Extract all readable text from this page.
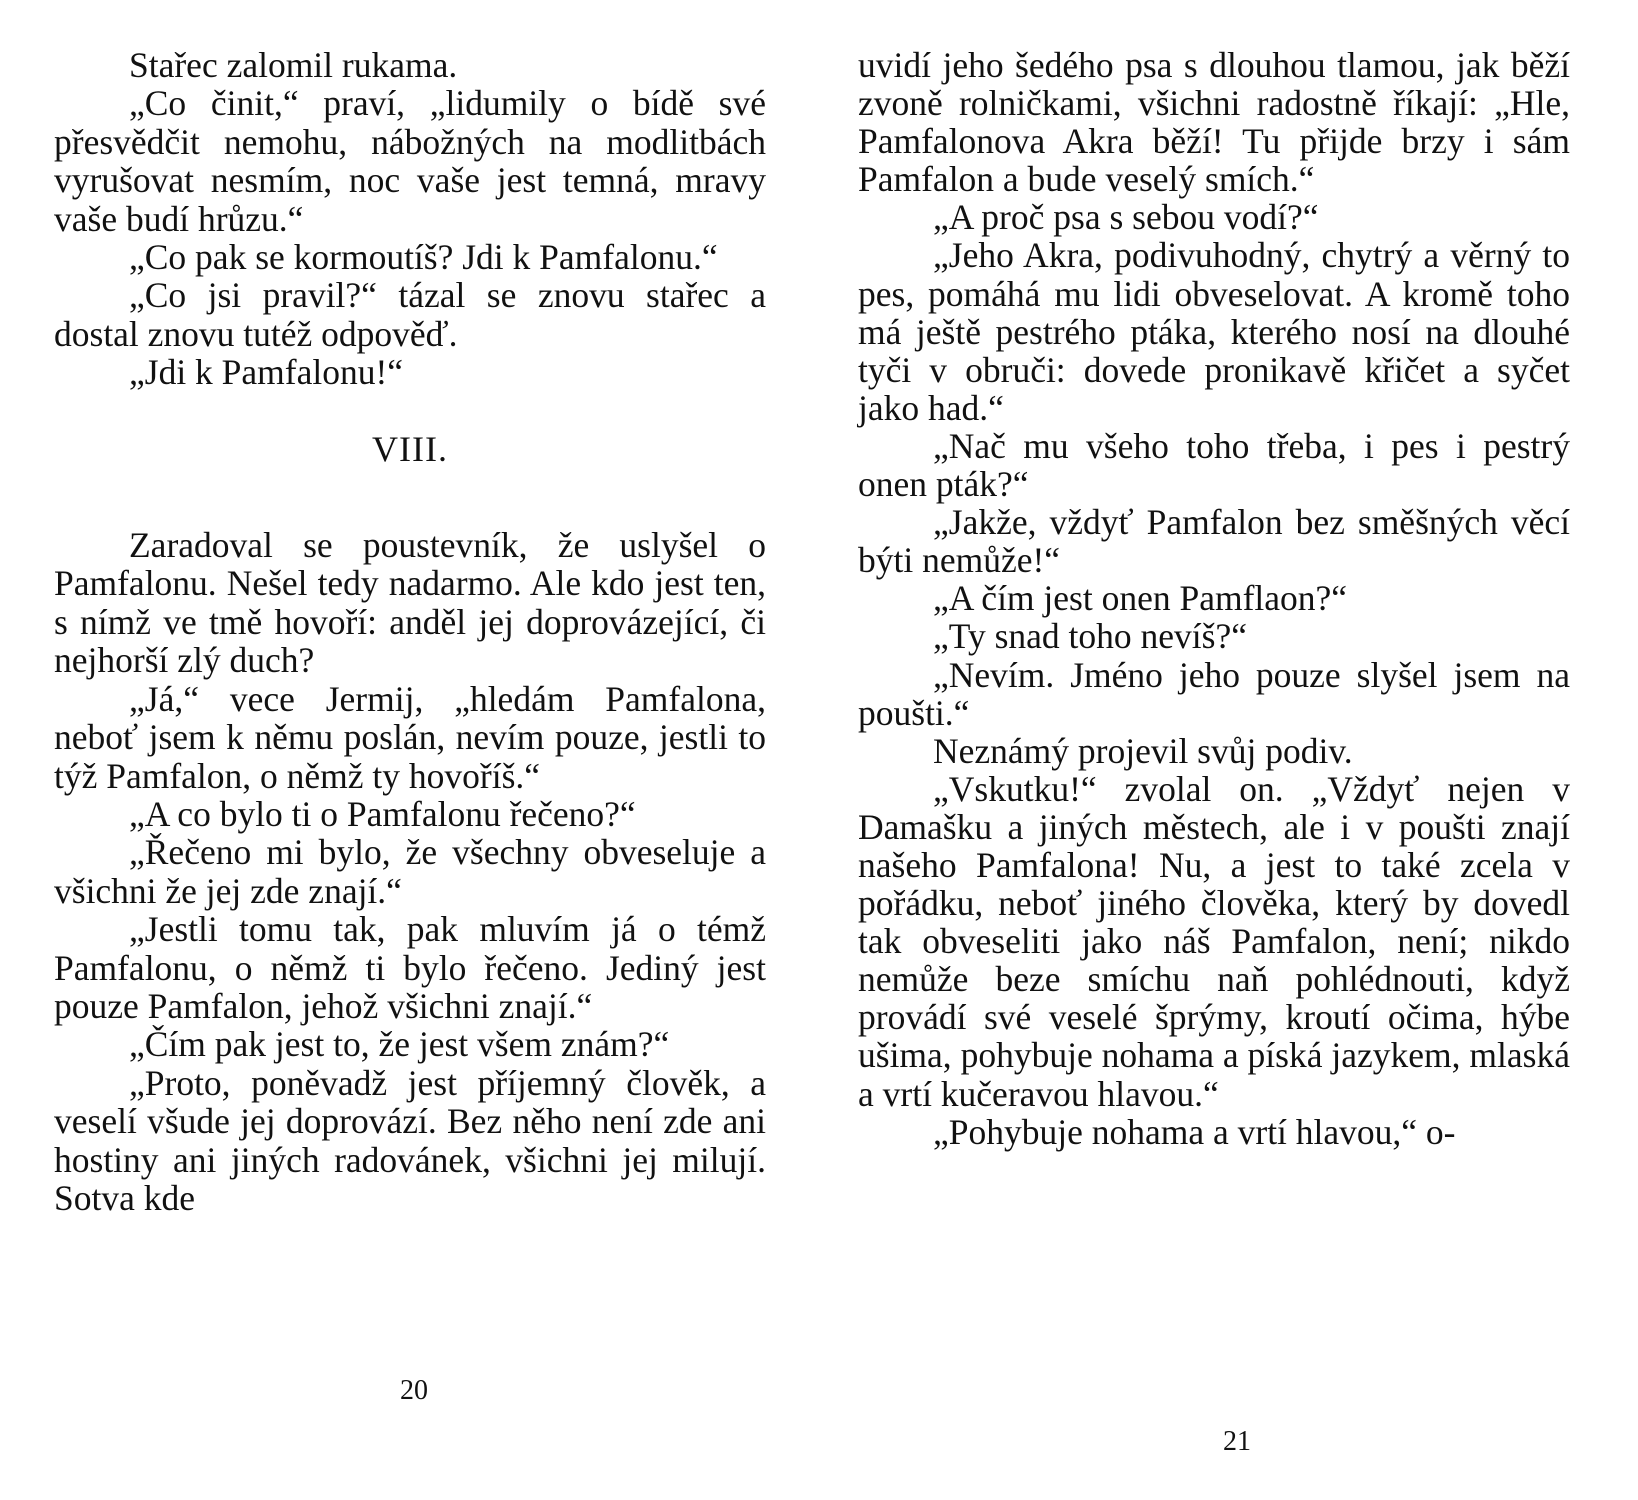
Stařec zalomil rukama.

„Co činit,“ praví, „lidumily o bídě své přesvědčit nemohu, nábožných na modlitbách vyrušovat nesmím, noc vaše jest temná, mravy vaše budí hrůzu.“

„Co pak se kormoutíš? Jdi k Pamfalonu.“

„Co jsi pravil?“ tázal se znovu stařec a dostal znovu tutéž odpověď.

„Jdi k Pamfalonu!“

VIII.

Zaradoval se poustevník, že uslyšel o Pamfalonu. Nešel tedy nadarmo. Ale kdo jest ten, s nímž ve tmě hovoří: anděl jej doprovázející, či nejhorší zlý duch?

„Já,“ vece Jermij, „hledám Pamfalona, neboť jsem k němu poslán, nevím pouze, jestli to týž Pamfalon, o němž ty hovoříš.“

„A co bylo ti o Pamfalonu řečeno?“

„Řečeno mi bylo, že všechny obveseluje a všichni že jej zde znají.“

„Jestli tomu tak, pak mluvím já o témž Pamfalonu, o němž ti bylo řečeno. Jediný jest pouze Pamfalon, jehož všichni znají.“

„Čím pak jest to, že jest všem znám?“

„Proto, poněvadž jest příjemný člověk, a veselí všude jej doprovází. Bez něho není zde ani hostiny ani jiných radovánek, všichni jej milují. Sotva kde

20

uvidí jeho šedého psa s dlouhou tlamou, jak běží zvoně rolničkami, všichni radostně říkají: „Hle, Pamfalonova Akra běží! Tu přijde brzy i sám Pamfalon a bude veselý smích.“

„A proč psa s sebou vodí?“

„Jeho Akra, podivuhodný, chytrý a věrný to pes, pomáhá mu lidi obveselovat. A kromě toho má ještě pestrého ptáka, kterého nosí na dlouhé tyči v obruči: dovede pronikavě křičet a syčet jako had.“

„Nač mu všeho toho třeba, i pes i pestrý onen pták?“

„Jakže, vždyť Pamfalon bez směšných věcí býti nemůže!“

„A čím jest onen Pamflaon?“

„Ty snad toho nevíš?“

„Nevím. Jméno jeho pouze slyšel jsem na poušti.“

Neznámý projevil svůj podiv.

„Vskutku!“ zvolal on. „Vždyť nejen v Damašku a jiných městech, ale i v poušti znají našeho Pamfalona! Nu, a jest to také zcela v pořádku, neboť jiného člověka, který by dovedl tak obveseliti jako náš Pamfalon, není; nikdo nemůže beze smíchu naň pohlédnouti, když provádí své veselé šprýmy, kroutí očima, hýbe ušima, pohybuje nohama a píská jazykem, mlaská a vrtí kučeravou hlavou.“

„Pohybuje nohama a vrtí hlavou,“ o-

21
